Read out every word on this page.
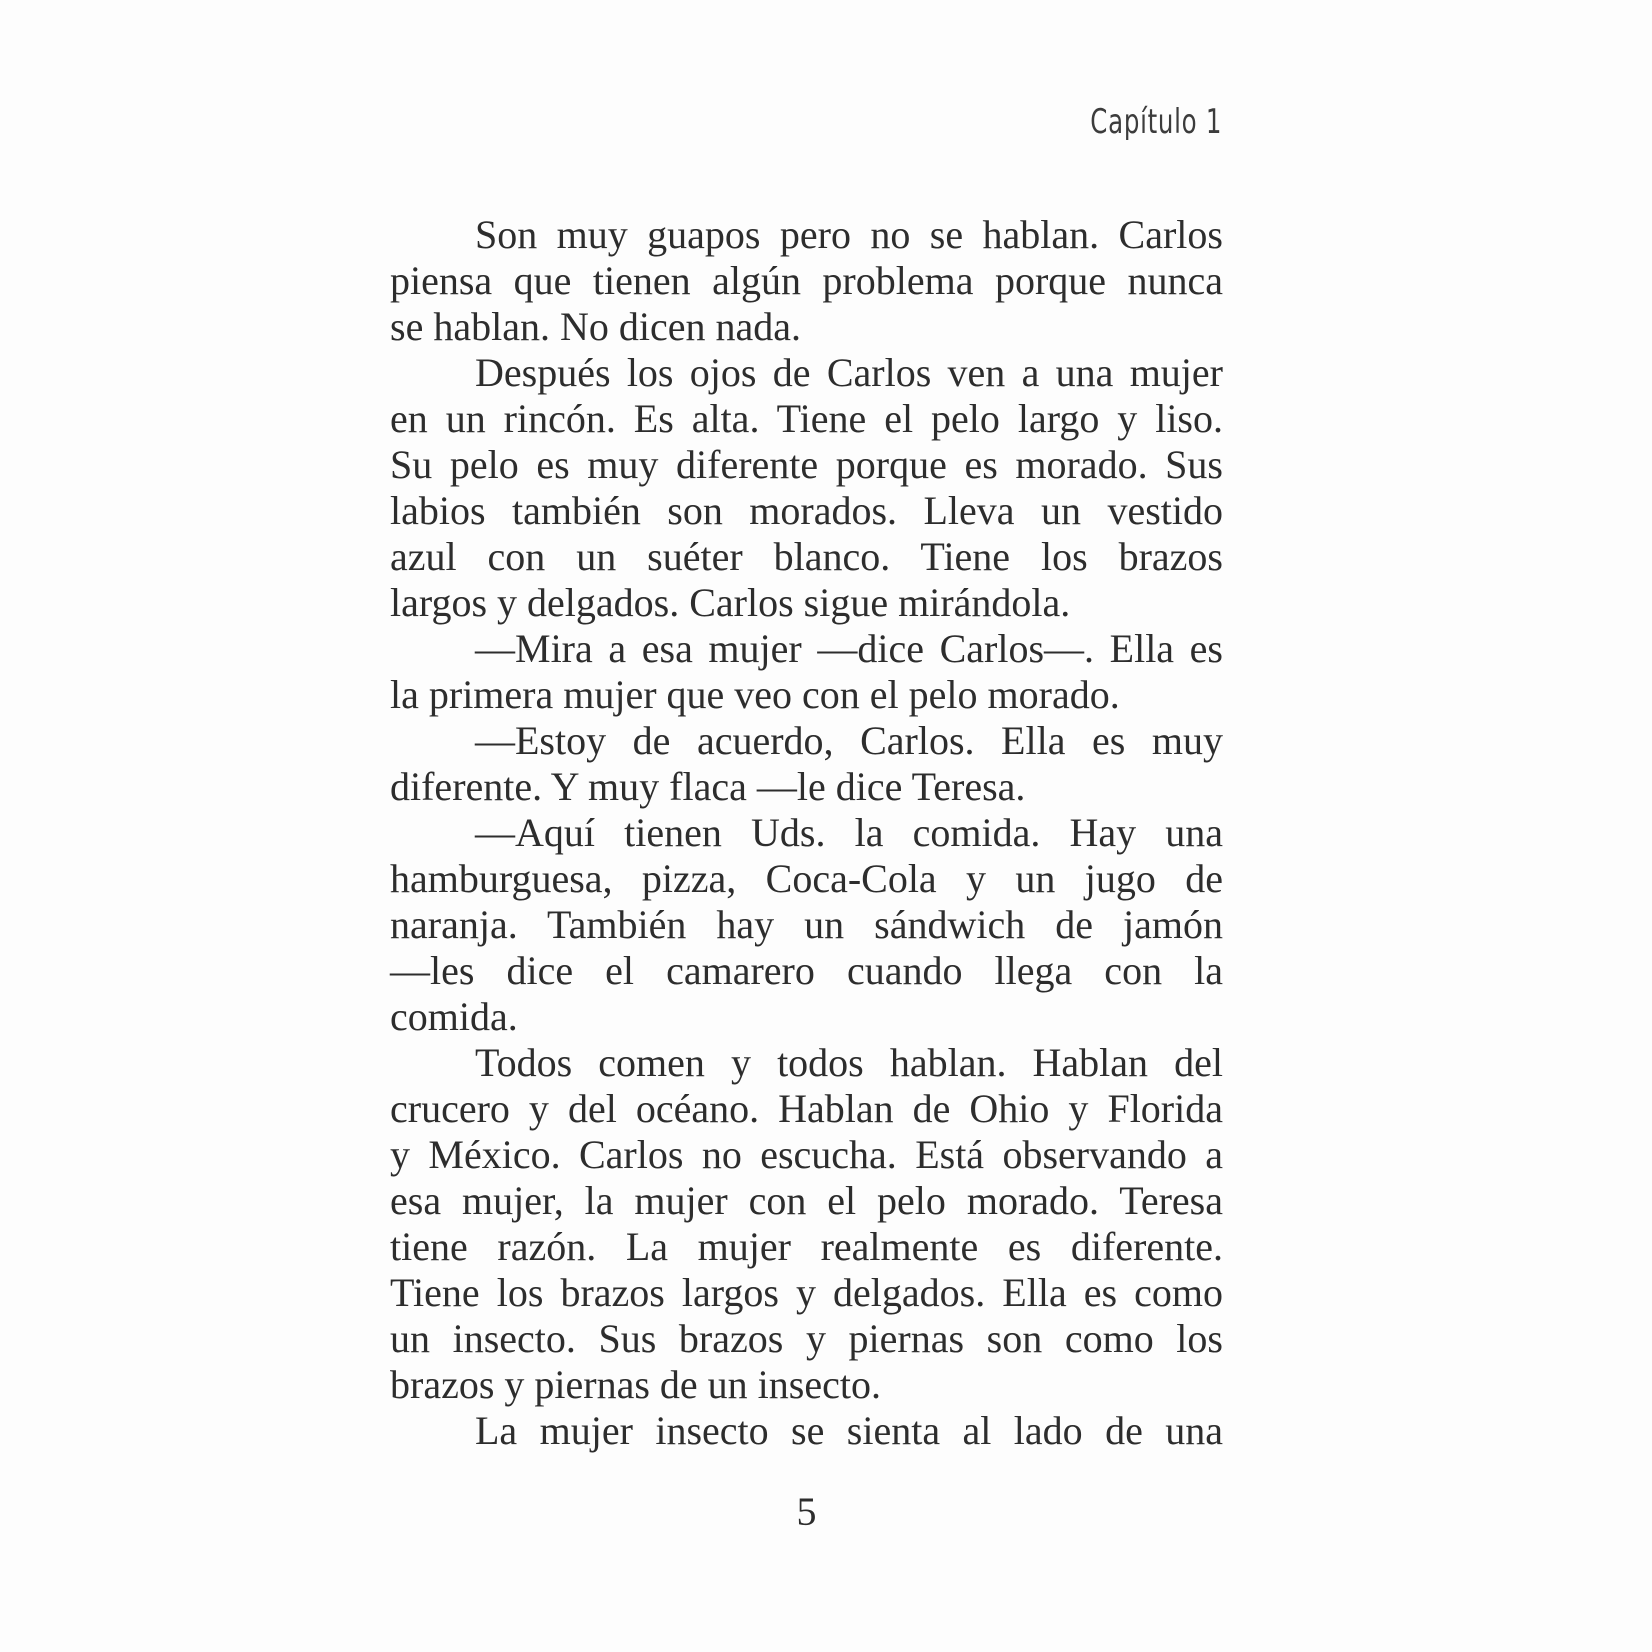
Capítulo 1
Son muy guapos pero no se hablan. Carlos
piensa que tienen algún problema porque nunca
se hablan. No dicen nada.
Después los ojos de Carlos ven a una mujer
en un rincón. Es alta. Tiene el pelo largo y liso.
Su pelo es muy diferente porque es morado. Sus
labios también son morados. Lleva un vestido
azul con un suéter blanco. Tiene los brazos
largos y delgados. Carlos sigue mirándola.
—Mira a esa mujer —dice Carlos—. Ella es
la primera mujer que veo con el pelo morado.
—Estoy de acuerdo, Carlos. Ella es muy
diferente. Y muy flaca —le dice Teresa.
—Aquí tienen Uds. la comida. Hay una
hamburguesa, pizza, Coca-Cola y un jugo de
naranja. También hay un sándwich de jamón
—les dice el camarero cuando llega con la
comida.
Todos comen y todos hablan. Hablan del
crucero y del océano. Hablan de Ohio y Florida
y México. Carlos no escucha. Está observando a
esa mujer, la mujer con el pelo morado. Teresa
tiene razón. La mujer realmente es diferente.
Tiene los brazos largos y delgados. Ella es como
un insecto. Sus brazos y piernas son como los
brazos y piernas de un insecto.
La mujer insecto se sienta al lado de una
5
